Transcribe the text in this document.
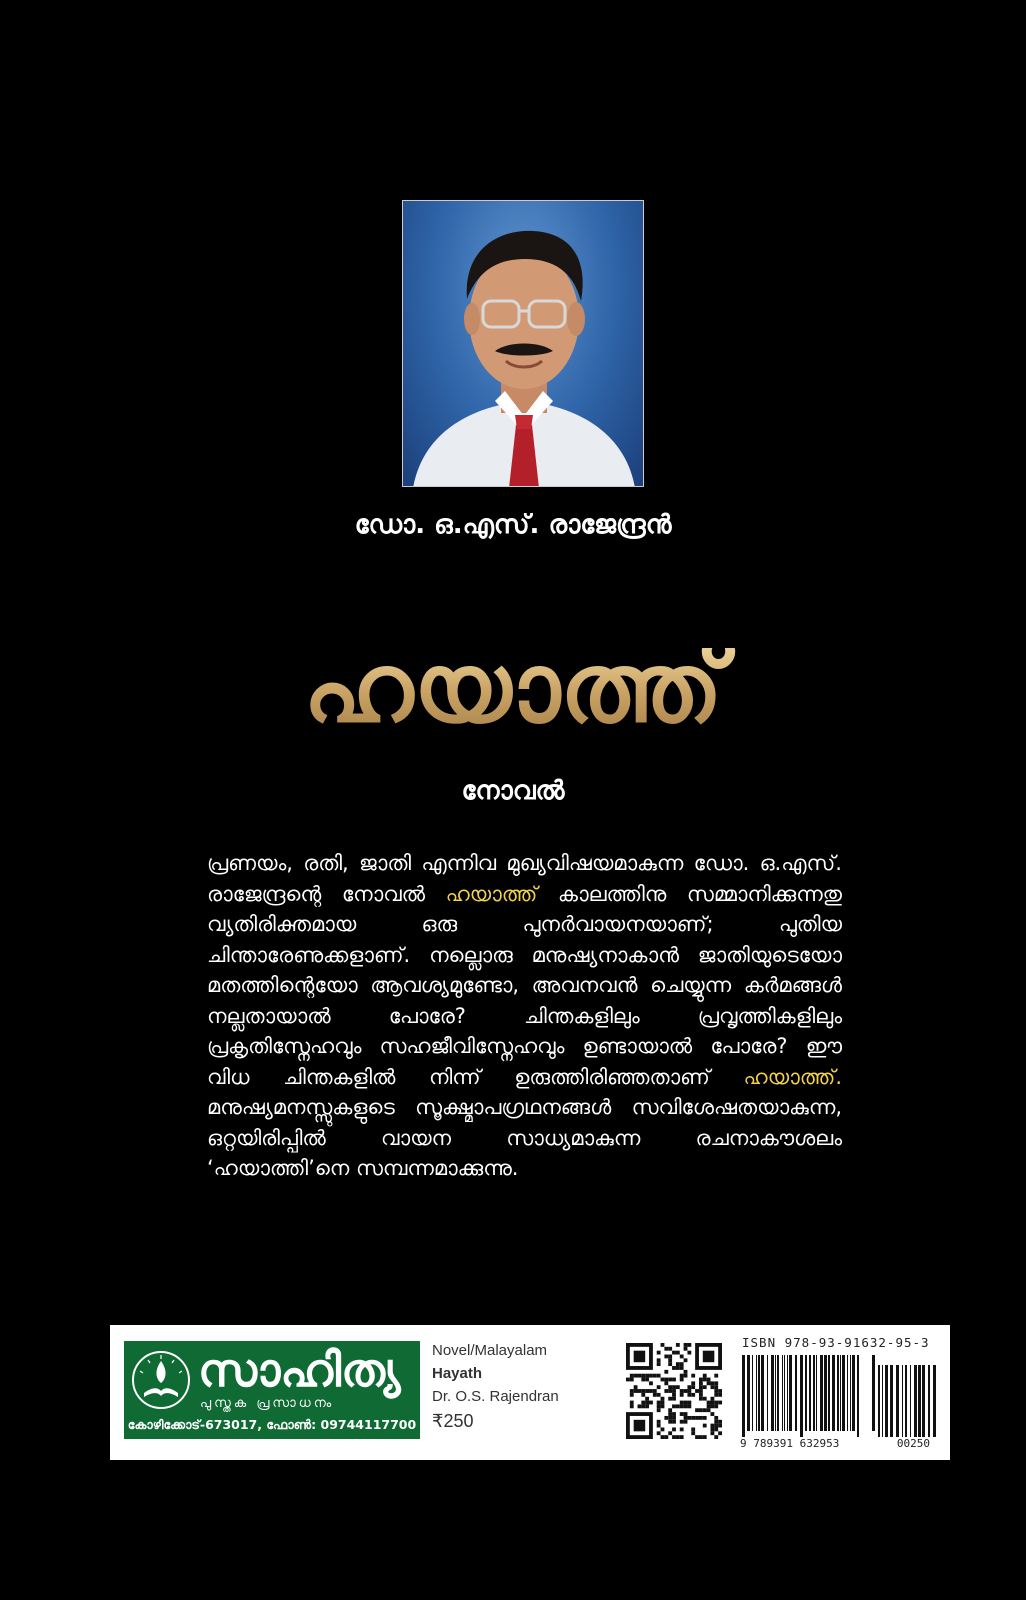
ഡോ. ഒ.എസ്. രാജേന്ദ്രൻ
ഹയാത്ത്
നോവൽ
പ്രണയം, രതി, ജാതി എന്നിവ മുഖ്യവിഷയമാകുന്ന ഡോ. ഒ.എസ്. രാജേന്ദ്രന്റെ നോവൽ ഹയാത്ത് കാലത്തിനു സമ്മാനിക്കുന്നതു വ്യതിരിക്തമായ ഒരു പുനർവായനയാണ്; പുതിയ ചിന്താരേണുക്കളാണ്. നല്ലൊരു മനുഷ്യനാകാൻ ജാതിയുടെയോ മതത്തിന്റെയോ ആവശ്യമുണ്ടോ, അവനവൻ ചെയ്യുന്ന കർമങ്ങൾ നല്ലതായാൽ പോരേ? ചിന്തകളിലും പ്രവൃത്തികളിലും പ്രകൃതിസ്നേഹവും സഹജീവിസ്നേഹവും ഉണ്ടായാൽ പോരേ? ഈ വിധ ചിന്തകളിൽ നിന്ന് ഉരുത്തിരിഞ്ഞതാണ് ഹയാത്ത്. മനുഷ്യമനസ്സുകളുടെ സൂക്ഷ്മാപഗ്രഥനങ്ങൾ സവിശേഷതയാകുന്ന, ഒറ്റയിരിപ്പിൽ വായന സാധ്യമാകുന്ന രചനാകൗശലം ‘ഹയാത്തി’നെ സമ്പന്നമാക്കുന്നു.
സാഹിത്യ
പുസ്തക പ്രസാധനം
കോഴിക്കോട്-673017, ഫോൺ: 09744117700
Novel/Malayalam
Hayath
Dr. O.S. Rajendran
₹250
ISBN 978-93-91632-95-3
9 789391 632953	00250
